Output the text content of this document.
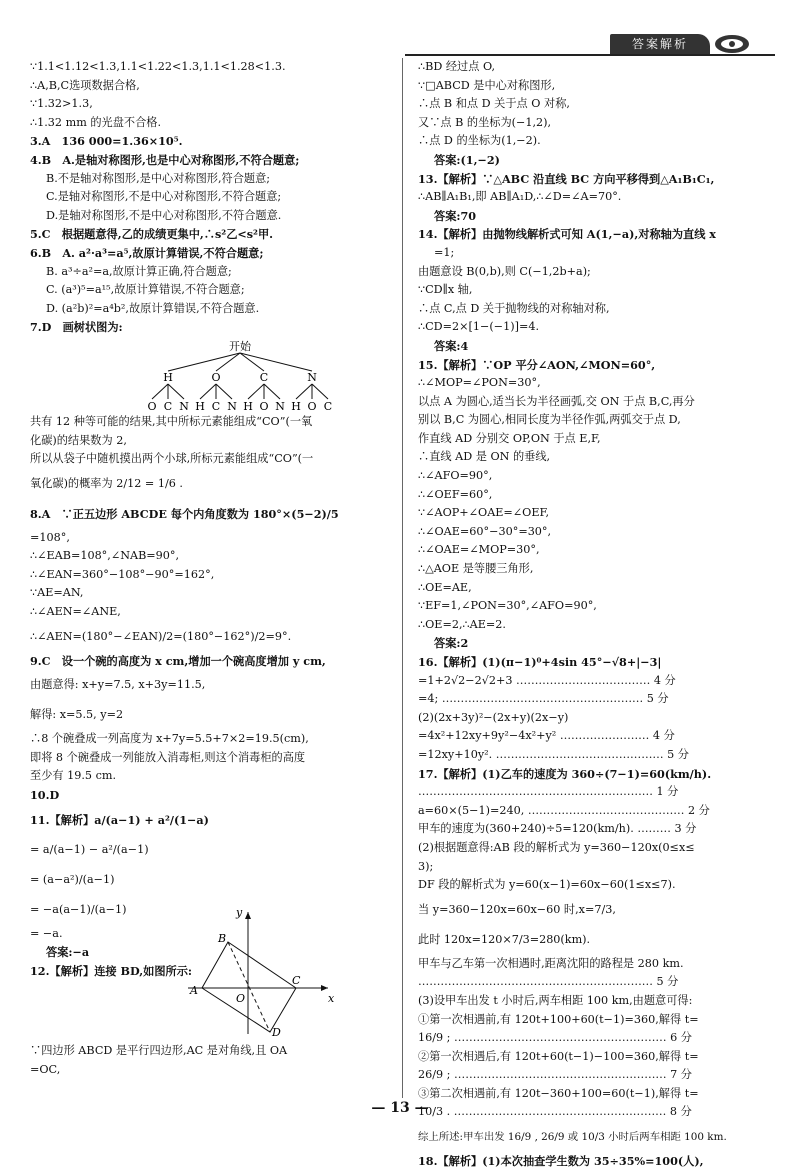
答案解析
∵1.1<1.12<1.3,1.1<1.22<1.3,1.1<1.28<1.3.
∴A,B,C选项数据合格,
∵1.32>1.3,
∴1.32 mm 的光盘不合格.
3.A　136 000=1.36×10⁵.
4.B　A.是轴对称图形,也是中心对称图形,不符合题意;
B.不是轴对称图形,是中心对称图形,符合题意;
C.是轴对称图形,不是中心对称图形,不符合题意;
D.是轴对称图形,不是中心对称图形,不符合题意.
5.C　根据题意得,乙的成绩更集中,∴s²乙<s²甲.
6.B　A. a²·a³=a⁵,故原计算错误,不符合题意;
B. a³÷a²=a,故原计算正确,符合题意;
C. (a³)⁵=a¹⁵,故原计算错误,不符合题意;
D. (a²b)²=a⁴b²,故原计算错误,不符合题意.
7.D　画树状图为:
开始
H	O	C	N
O C N H C N H O N H O C
共有 12 种等可能的结果,其中所标元素能组成“CO”(一氧
化碳)的结果数为 2,
所以从袋子中随机摸出两个小球,所标元素能组成“CO”(一
氧化碳)的概率为 2/12 = 1/6 .
8.A　∵正五边形 ABCDE 每个内角度数为 180°×(5−2)/5
=108°,
∴∠EAB=108°,∠NAB=90°,
∴∠EAN=360°−108°−90°=162°,
∵AE=AN,
∴∠AEN=∠ANE,
∴∠AEN=(180°−∠EAN)/2=(180°−162°)/2=9°.
9.C　设一个碗的高度为 x cm,增加一个碗高度增加 y cm,
由题意得: x+y=7.5, x+3y=11.5,
解得: x=5.5, y=2
∴8 个碗叠成一列高度为 x+7y=5.5+7×2=19.5(cm),
即将 8 个碗叠成一列能放入消毒柜,则这个消毒柜的高度
至少有 19.5 cm.
10.D
11.【解析】a/(a−1) + a²/(1−a)
= a/(a−1) − a²/(a−1)
= (a−a²)/(a−1)
= −a(a−1)/(a−1)
= −a.
答案:−a
12.【解析】连接 BD,如图所示:
B
A
O
C
D
x
y
∵四边形 ABCD 是平行四边形,AC 是对角线,且 OA
=OC,
∴BD 经过点 O,
∵□ABCD 是中心对称图形,
∴点 B 和点 D 关于点 O 对称,
又∵点 B 的坐标为(−1,2),
∴点 D 的坐标为(1,−2).
答案:(1,−2)
13.【解析】∵△ABC 沿直线 BC 方向平移得到△A₁B₁C₁,
∴AB∥A₁B₁,即 AB∥A₁D,∴∠D=∠A=70°.
答案:70
14.【解析】由抛物线解析式可知 A(1,−a),对称轴为直线 x
=1;
由题意设 B(0,b),则 C(−1,2b+a);
∵CD∥x 轴,
∴点 C,点 D 关于抛物线的对称轴对称,
∴CD=2×[1−(−1)]=4.
答案:4
15.【解析】∵OP 平分∠AON,∠MON=60°,
∴∠MOP=∠PON=30°,
以点 A 为圆心,适当长为半径画弧,交 ON 于点 B,C,再分
别以 B,C 为圆心,相同长度为半径作弧,两弧交于点 D,
作直线 AD 分别交 OP,ON 于点 E,F,
∴直线 AD 是 ON 的垂线,
∴∠AFO=90°,
∴∠OEF=60°,
∵∠AOP+∠OAE=∠OEF,
∴∠OAE=60°−30°=30°,
∴∠OAE=∠MOP=30°,
∴△AOE 是等腰三角形,
∴OE=AE,
∵EF=1,∠PON=30°,∠AFO=90°,
∴OE=2,∴AE=2.
答案:2
16.【解析】(1)(π−1)⁰+4sin 45°−√8+|−3|
=1+2√2−2√2+3 ……………………………… 4 分
=4; ……………………………………………… 5 分
(2)(2x+3y)²−(2x+y)(2x−y)
=4x²+12xy+9y²−4x²+y² …………………… 4 分
=12xy+10y². ……………………………………… 5 分
17.【解析】(1)乙车的速度为 360÷(7−1)=60(km/h).
……………………………………………………… 1 分
a=60×(5−1)=240, …………………………………… 2 分
甲车的速度为(360+240)÷5=120(km/h). ……… 3 分
(2)根据题意得:AB 段的解析式为 y=360−120x(0≤x≤
3);
DF 段的解析式为 y=60(x−1)=60x−60(1≤x≤7).
当 y=360−120x=60x−60 时,x=7/3,
此时 120x=120×7/3=280(km).
甲车与乙车第一次相遇时,距离沈阳的路程是 280 km.
……………………………………………………… 5 分
(3)设甲车出发 t 小时后,两车相距 100 km,由题意可得:
①第一次相遇前,有 120t+100+60(t−1)=360,解得 t=
16/9 ; ………………………………………………… 6 分
②第一次相遇后,有 120t+60(t−1)−100=360,解得 t=
26/9 ; ………………………………………………… 7 分
③第二次相遇前,有 120t−360+100=60(t−1),解得 t=
10/3 . ………………………………………………… 8 分
综上所述:甲车出发 16/9 , 26/9 或 10/3 小时后两车相距 100 km.
18.【解析】(1)本次抽查学生数为 35÷35%=100(人),
— 13 —
